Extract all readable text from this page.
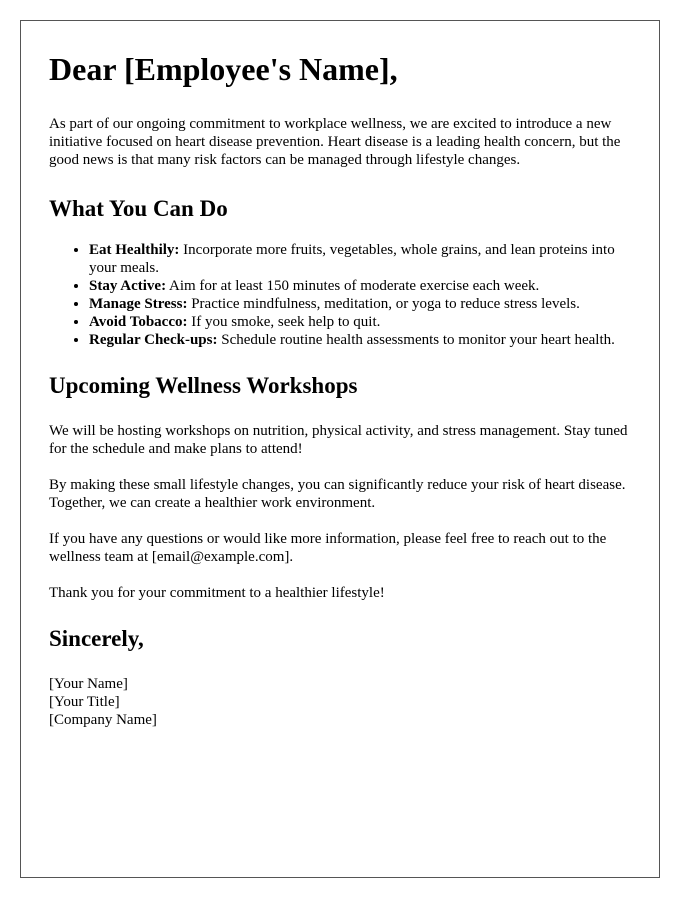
Dear [Employee's Name],

As part of our ongoing commitment to workplace wellness, we are excited to introduce a new initiative focused on heart disease prevention. Heart disease is a leading health concern, but the good news is that many risk factors can be managed through lifestyle changes.

What You Can Do
• Eat Healthily: Incorporate more fruits, vegetables, whole grains, and lean proteins into your meals.
• Stay Active: Aim for at least 150 minutes of moderate exercise each week.
• Manage Stress: Practice mindfulness, meditation, or yoga to reduce stress levels.
• Avoid Tobacco: If you smoke, seek help to quit.
• Regular Check-ups: Schedule routine health assessments to monitor your heart health.
Upcoming Wellness Workshops

We will be hosting workshops on nutrition, physical activity, and stress management. Stay tuned for the schedule and make plans to attend!

By making these small lifestyle changes, you can significantly reduce your risk of heart disease. Together, we can create a healthier work environment.

If you have any questions or would like more information, please feel free to reach out to the wellness team at [email@example.com].

Thank you for your commitment to a healthier lifestyle!

Sincerely,
[Your Name]
[Your Title]
[Company Name]
